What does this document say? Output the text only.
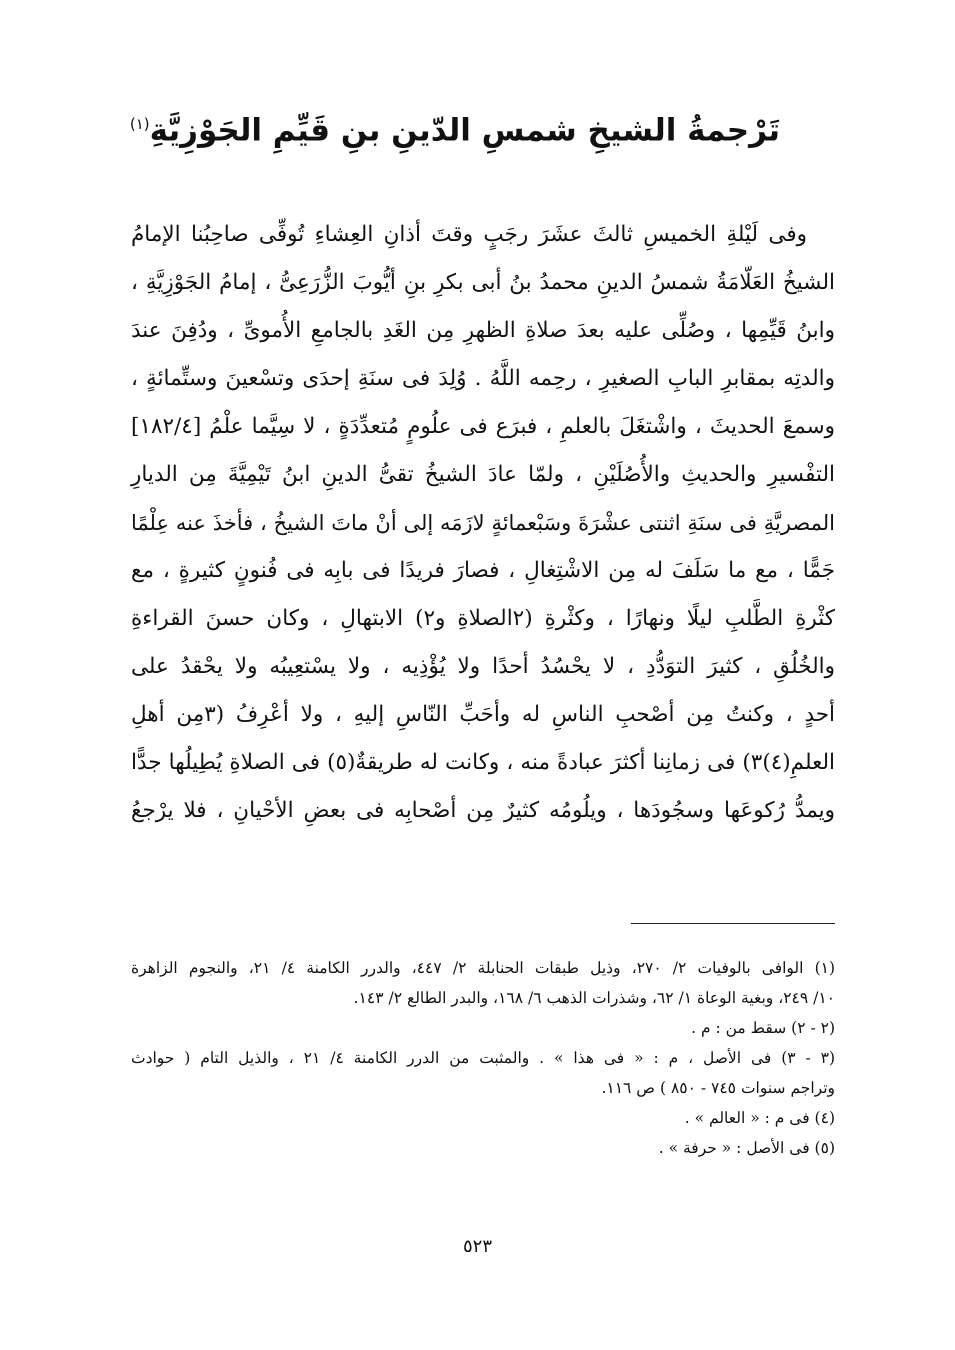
تَرْجمةُ الشيخِ شمسِ الدّينِ بنِ قَيِّمِ الجَوْزِيَّةِ$^{(١)}$
وفى لَيْلةِ الخميسِ ثالثَ عشَرَ رجَبٍ وقتَ أذانِ العِشاءِ تُوفِّى صاحِبُنا الإمامُ
الشيخُ العَلّامَةُ شمسُ الدينِ محمدُ بنُ أبى بكرِ بنِ أيُّوبَ الزُّرَعِىُّ ، إمامُ الجَوْزِيَّةِ ،
وابنُ قَيِّمِها ، وصُلِّى عليه بعدَ صلاةِ الظهرِ مِن الغَدِ بالجامعِ الأُموىِّ ، ودُفِنَ عندَ
والدتِه بمقابرِ البابِ الصغيرِ ، رحِمه اللَّهُ . وُلِدَ فى سنَةِ إحدَى وتسْعينَ وستِّمائةٍ ،
وسمعَ الحديثَ ، واشْتغَلَ بالعلمِ ، فبرَع فى علُومٍ مُتعدِّدَةٍ ، لا سِيَّما علْمُ [١٨٢/٤]
التفْسيرِ والحديثِ والأُصُلَيْنِ ، ولمّا عادَ الشيخُ تقىُّ الدينِ ابنُ تَيْمِيَّةَ مِن الديارِ
المصريَّةِ فى سنَةِ اثنتى عشْرَةَ وسَبْعمائةٍ لازَمَه إلى أنْ ماتَ الشيخُ ، فأخذَ عنه عِلْمًا
جَمًّا ، مع ما سَلَفَ له مِن الاشْتِغالِ ، فصارَ فريدًا فى بابِه فى فُنونٍ كثيرةٍ ، مع
كثْرةِ الطَّلبِ ليلًا ونهارًا ، وكثْرةِ (٢الصلاةِ و٢) الابتهالِ ، وكان حسنَ القراءةِ
والخُلُقِ ، كثيرَ التوَدُّدِ ، لا يحْسُدُ أحدًا ولا يُؤْذِيه ، ولا يسْتعِيبُه ولا يحْقدُ على
أحدٍ ، وكنتُ مِن أصْحبِ الناسِ له وأحَبِّ النّاسِ إليهِ ، ولا أعْرِفُ (٣مِن أهلِ
العلمِ(٤)٣) فى زمانِنا أكثرَ عبادةً منه ، وكانت له طريقةٌ(٥) فى الصلاةِ يُطِيلُها جدًّا
ويمدُّ رُكوعَها وسجُودَها ، ويلُومُه كثيرٌ مِن أصْحابِه فى بعضِ الأحْيانِ ، فلا يرْجعُ
(١) الوافى بالوفيات ٢/ ٢٧٠، وذيل طبقات الحنابلة ٢/ ٤٤٧، والدرر الكامنة ٤/ ٢١، والنجوم الزاهرة
١٠/ ٢٤٩، وبغية الوعاة ١/ ٦٢، وشذرات الذهب ٦/ ١٦٨، والبدر الطالع ٢/ ١٤٣.
(٢ - ٢) سقط من : م .
(٣ - ٣) فى الأصل ، م : « فى هذا » . والمثبت من الدرر الكامنة ٤/ ٢١ ، والذيل التام ( حوادث
وتراجم سنوات ٧٤٥ - ٨٥٠ ) ص ١١٦.
(٤) فى م : « العالم » .
(٥) فى الأصل : « حرفة » .
٥٢٣
